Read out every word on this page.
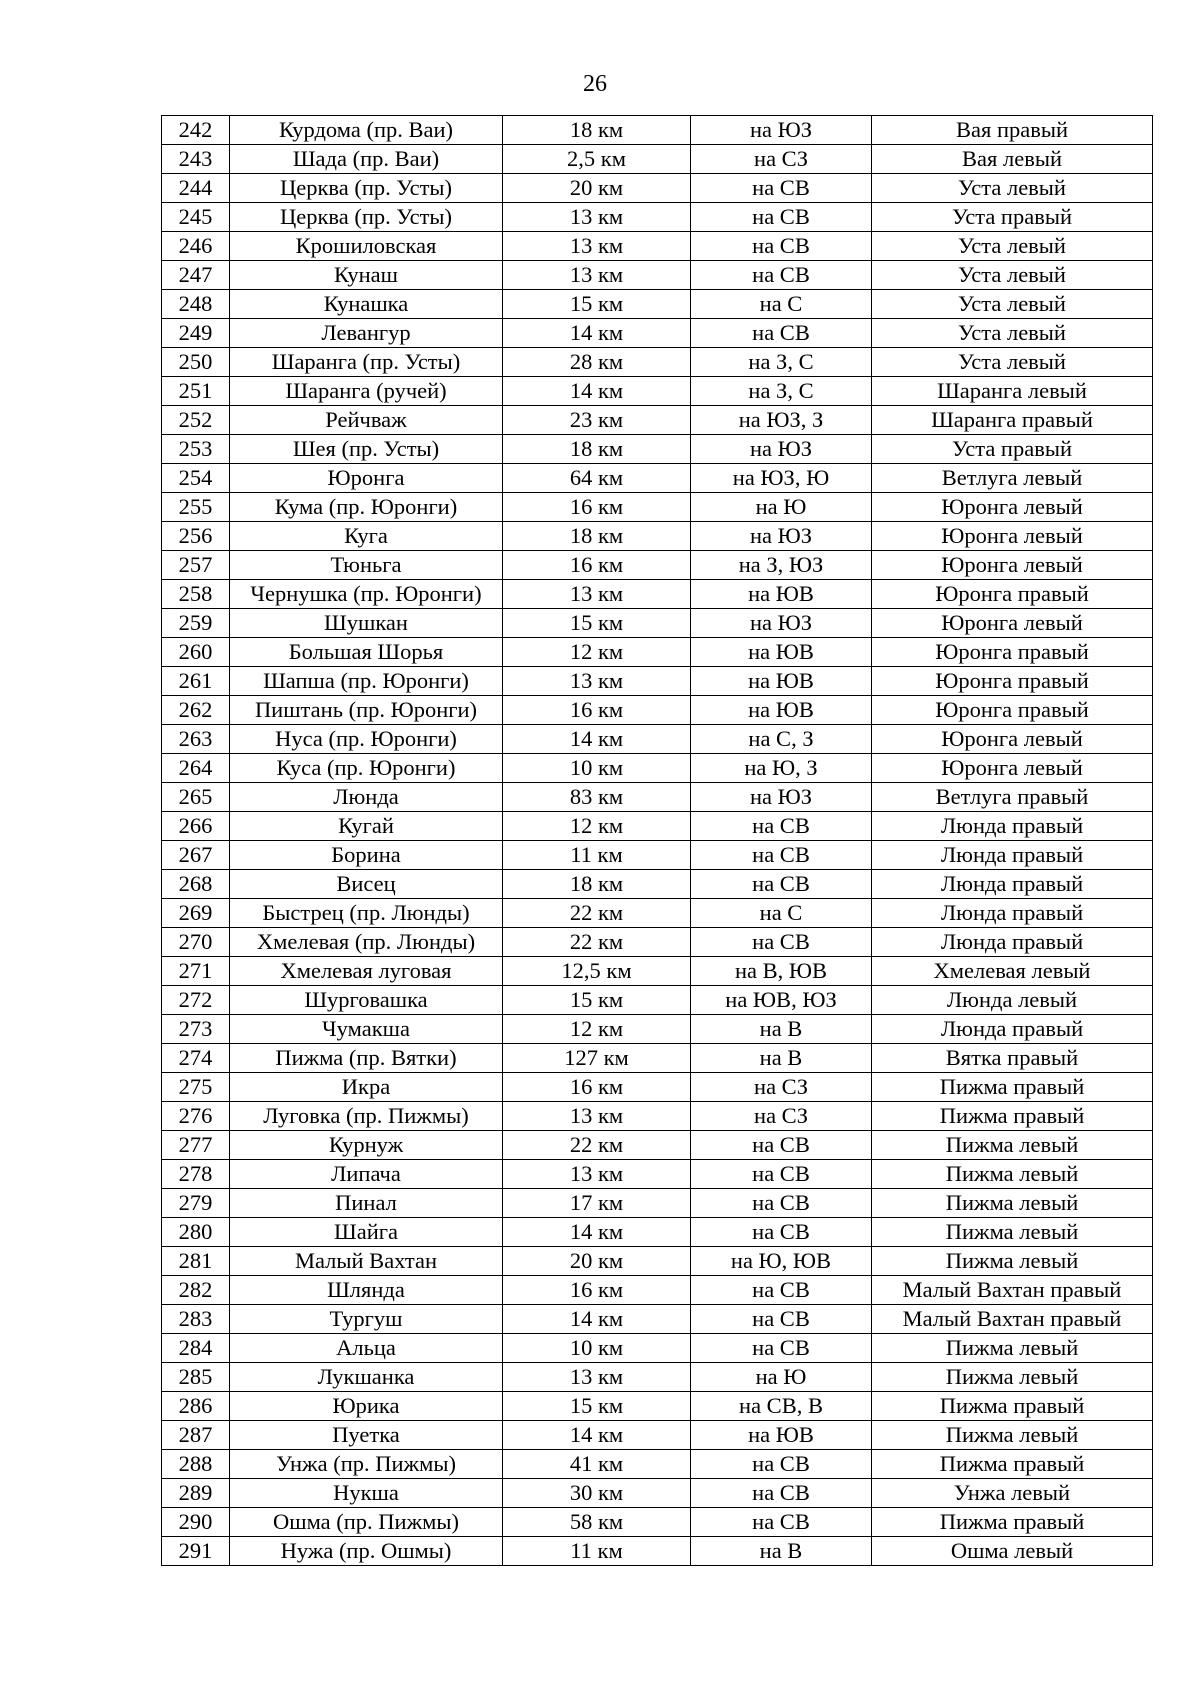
26
242	Курдома (пр. Ваи)	18 км	на ЮЗ	Вая правый
243	Шада (пр. Ваи)	2,5 км	на СЗ	Вая левый
244	Церква (пр. Усты)	20 км	на СВ	Уста левый
245	Церква (пр. Усты)	13 км	на СВ	Уста правый
246	Крошиловская	13 км	на СВ	Уста левый
247	Кунаш	13 км	на СВ	Уста левый
248	Кунашка	15 км	на С	Уста левый
249	Левангур	14 км	на СВ	Уста левый
250	Шаранга (пр. Усты)	28 км	на З, С	Уста левый
251	Шаранга (ручей)	14 км	на З, С	Шаранга левый
252	Рейчваж	23 км	на ЮЗ, З	Шаранга правый
253	Шея (пр. Усты)	18 км	на ЮЗ	Уста правый
254	Юронга	64 км	на ЮЗ, Ю	Ветлуга левый
255	Кума (пр. Юронги)	16 км	на Ю	Юронга левый
256	Куга	18 км	на ЮЗ	Юронга левый
257	Тюньга	16 км	на З, ЮЗ	Юронга левый
258	Чернушка (пр. Юронги)	13 км	на ЮВ	Юронга правый
259	Шушкан	15 км	на ЮЗ	Юронга левый
260	Большая Шорья	12 км	на ЮВ	Юронга правый
261	Шапша (пр. Юронги)	13 км	на ЮВ	Юронга правый
262	Пиштань (пр. Юронги)	16 км	на ЮВ	Юронга правый
263	Нуса (пр. Юронги)	14 км	на С, З	Юронга левый
264	Куса (пр. Юронги)	10 км	на Ю, З	Юронга левый
265	Люнда	83 км	на ЮЗ	Ветлуга правый
266	Кугай	12 км	на СВ	Люнда правый
267	Борина	11 км	на СВ	Люнда правый
268	Висец	18 км	на СВ	Люнда правый
269	Быстрец (пр. Люнды)	22 км	на С	Люнда правый
270	Хмелевая (пр. Люнды)	22 км	на СВ	Люнда правый
271	Хмелевая луговая	12,5 км	на В, ЮВ	Хмелевая левый
272	Шурговашка	15 км	на ЮВ, ЮЗ	Люнда левый
273	Чумакша	12 км	на В	Люнда правый
274	Пижма (пр. Вятки)	127 км	на В	Вятка правый
275	Икра	16 км	на СЗ	Пижма правый
276	Луговка (пр. Пижмы)	13 км	на СЗ	Пижма правый
277	Курнуж	22 км	на СВ	Пижма левый
278	Липача	13 км	на СВ	Пижма левый
279	Пинал	17 км	на СВ	Пижма левый
280	Шайга	14 км	на СВ	Пижма левый
281	Малый Вахтан	20 км	на Ю, ЮВ	Пижма левый
282	Шлянда	16 км	на СВ	Малый Вахтан правый
283	Тургуш	14 км	на СВ	Малый Вахтан правый
284	Альца	10 км	на СВ	Пижма левый
285	Лукшанка	13 км	на Ю	Пижма левый
286	Юрика	15 км	на СВ, В	Пижма правый
287	Пуетка	14 км	на ЮВ	Пижма левый
288	Унжа (пр. Пижмы)	41 км	на СВ	Пижма правый
289	Нукша	30 км	на СВ	Унжа левый
290	Ошма (пр. Пижмы)	58 км	на СВ	Пижма правый
291	Нужа (пр. Ошмы)	11 км	на В	Ошма левый
